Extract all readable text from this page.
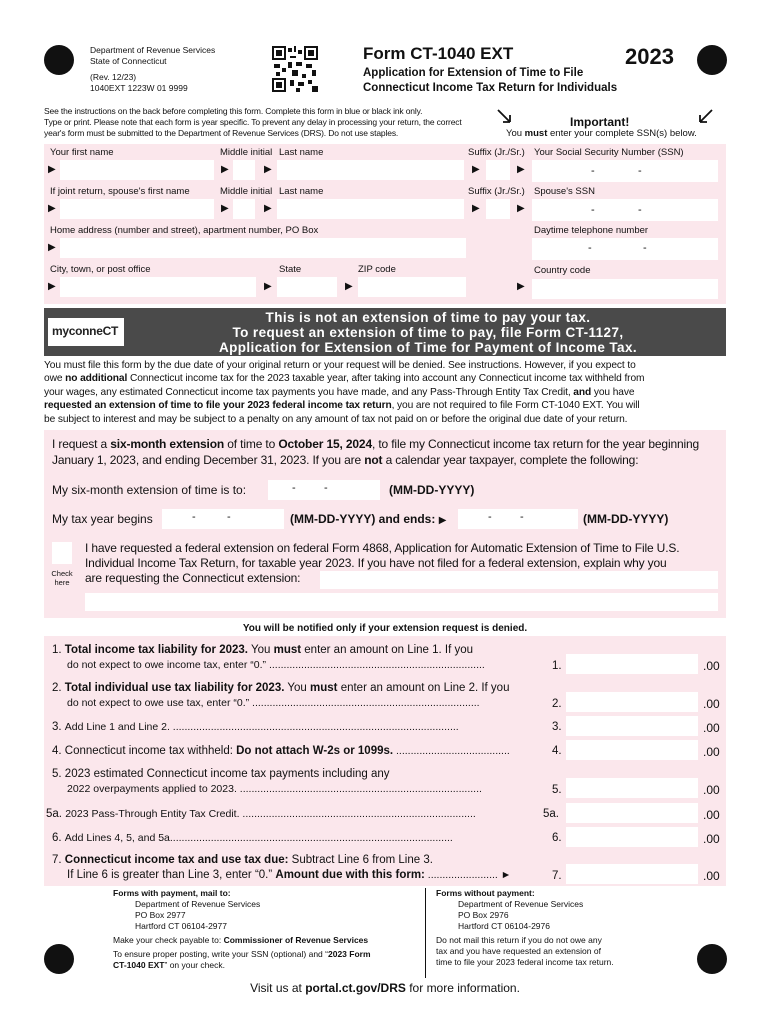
Department of Revenue Services
State of Connecticut
(Rev. 12/23)
1040EXT 1223W 01 9999
Form CT-1040 EXT	2023
Application for Extension of Time to File
Connecticut Income Tax Return for Individuals
See the instructions on the back before completing this form. Complete this form in blue or black ink only.
Type or print. Please note that each form is year specific. To prevent any delay in processing your return, the correct
year's form must be submitted to the Department of Revenue Services (DRS). Do not use staples.
Important!
You must enter your complete SSN(s) below.
Your first name	Middle initial Last name	Suffix (Jr./Sr.) Your Social Security Number (SSN)
▶	▶	▶	▶	▶	-	-
If joint return, spouse's first name	Middle initial Last name	Suffix (Jr./Sr.) Spouse's SSN
▶	▶	▶	▶	▶	-	-
Home address (number and street), apartment number, PO Box	Daytime telephone number
▶	-	-
City, town, or post office	State	ZIP code	Country code
▶	▶	▶	▶
myconneCT
This is not an extension of time to pay your tax.
To request an extension of time to pay, file Form CT-1127,
Application for Extension of Time for Payment of Income Tax.
You must file this form by the due date of your original return or your request will be denied. See instructions. However, if you expect to
owe no additional Connecticut income tax for the 2023 taxable year, after taking into account any Connecticut income tax withheld from
your wages, any estimated Connecticut income tax payments you have made, and any Pass-Through Entity Tax Credit, and you have
requested an extension of time to file your 2023 federal income tax return, you are not required to file Form CT-1040 EXT. You will
be subject to interest and may be subject to a penalty on any amount of tax not paid on or before the original due date of your return.
I request a six-month extension of time to October 15, 2024, to file my Connecticut income tax return for the year beginning
January 1, 2023, and ending December 31, 2023. If you are not a calendar year taxpayer, complete the following:
My six-month extension of time is to:	-	-	(MM-DD-YYYY)
My tax year begins	-	-	(MM-DD-YYYY) and ends: ▶	-	-	(MM-DD-YYYY)
Check
here
I have requested a federal extension on federal Form 4868, Application for Automatic Extension of Time to File U.S.
Individual Income Tax Return, for taxable year 2023. If you have not filed for a federal extension, explain why you
are requesting the Connecticut extension:
You will be notified only if your extension request is denied.
1. Total income tax liability for 2023. You must enter an amount on Line 1. If you
do not expect to owe income tax, enter “0.” ..........................................................................	1.	.00
2. Total individual use tax liability for 2023. You must enter an amount on Line 2. If you
do not expect to owe use tax, enter “0.” ..............................................................................	2.	.00
3. Add Line 1 and Line 2. ..................................................................................................	3.	.00
4. Connecticut income tax withheld: Do not attach W-2s or 1099s. .......................................	4.	.00
5. 2023 estimated Connecticut income tax payments including any
2022 overpayments applied to 2023. ...................................................................................	5.	.00
5a. 2023 Pass-Through Entity Tax Credit. ................................................................................	5a.	.00
6. Add Lines 4, 5, and 5a.................................................................................................	6.	.00
7. Connecticut income tax and use tax due: Subtract Line 6 from Line 3.
If Line 6 is greater than Line 3, enter “0.” Amount due with this form: ........................ ►	7.	.00
Forms with payment, mail to:
Department of Revenue Services
PO Box 2977
Hartford CT 06104-2977
Make your check payable to: Commissioner of Revenue Services
To ensure proper posting, write your SSN (optional) and “2023 Form
CT-1040 EXT” on your check.
Forms without payment:
Department of Revenue Services
PO Box 2976
Hartford CT 06104-2976
Do not mail this return if you do not owe any
tax and you have requested an extension of
time to file your 2023 federal income tax return.
Visit us at portal.ct.gov/DRS for more information.
